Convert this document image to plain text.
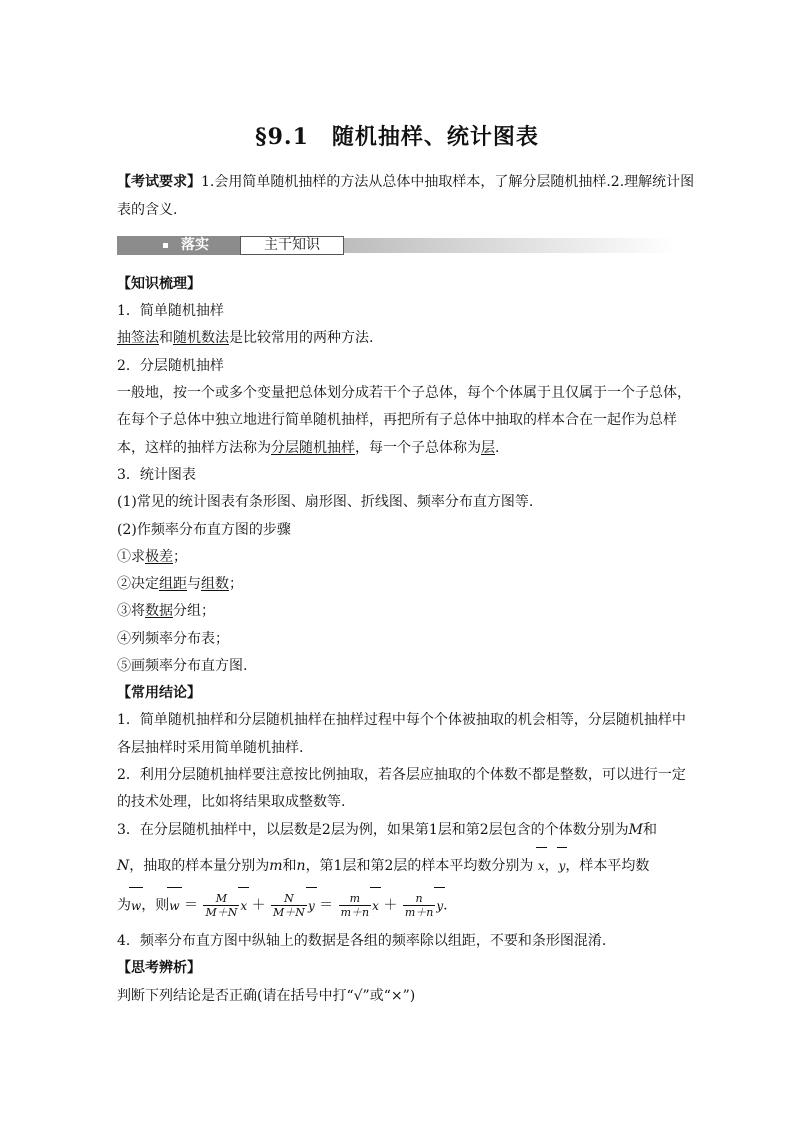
§9.1　随机抽样、统计图表
【考试要求】1.会用简单随机抽样的方法从总体中抽取样本，了解分层随机抽样.2.理解统计图
表的含义.
落实	主干知识
【知识梳理】
1．简单随机抽样
抽签法和随机数法是比较常用的两种方法.
2．分层随机抽样
一般地，按一个或多个变量把总体划分成若干个子总体，每个个体属于且仅属于一个子总体，
在每个子总体中独立地进行简单随机抽样，再把所有子总体中抽取的样本合在一起作为总样
本，这样的抽样方法称为分层随机抽样，每一个子总体称为层.
3．统计图表
(1)常见的统计图表有条形图、扇形图、折线图、频率分布直方图等.
(2)作频率分布直方图的步骤
①求极差；
②决定组距与组数；
③将数据分组；
④列频率分布表；
⑤画频率分布直方图.
【常用结论】
1．简单随机抽样和分层随机抽样在抽样过程中每个个体被抽取的机会相等，分层随机抽样中
各层抽样时采用简单随机抽样.
2．利用分层随机抽样要注意按比例抽取，若各层应抽取的个体数不都是整数，可以进行一定
的技术处理，比如将结果取成整数等.
3．在分层随机抽样中，以层数是2层为例，如果第1层和第2层包含的个体数分别为M和
N，抽取的样本量分别为m和n，第1层和第2层的样本平均数分别为 x，y，样本平均数
为w，则$w = \frac{M}{M+N}$ $x + \frac{N}{M+N}$ $y = \frac{m}{m+n}$ $x + \frac{n}{m+n} y$.
4．频率分布直方图中纵轴上的数据是各组的频率除以组距，不要和条形图混淆.
【思考辨析】
判断下列结论是否正确(请在括号中打“√”或“×”)
